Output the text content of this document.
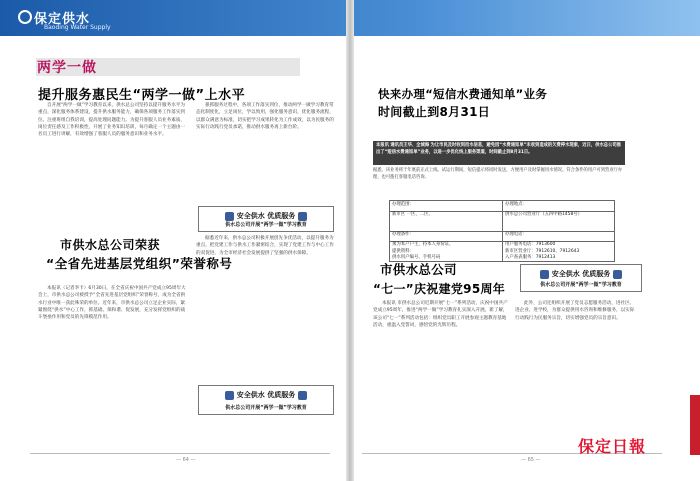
保定供水
Baoding Water Supply
两学一做
提升服务惠民生“两学一做”上水平
自开展“两学一做”学习教育以来，供水总公司坚持以提升服务水平为重点，深化服务体系建设，提升供水服务能力，确保各项服务工作落实到位。注重班组自我培训，提高处理问题能力。为提升客服人员业务素质，岗位责任感及工作积极性，开展了业务知识培训，每月确定一个主题由一名员工进行讲解，有效增强了客服人员的服务意识和业务水平。
狠抓服务过程中，各项工作落实到位，推动两学一做学习教育常态化制度化，立足岗位，学以致用，强化服务意识，优化服务流程，以群众满意为标准，切实把学习成果转化为工作成效，以为民服务的实际行动践行党员承诺，推动供水服务再上新台阶。
安全供水 优质服务
供水总公司开展“两学一做”学习教育
市供水总公司荣获
“全省先进基层党组织”荣誉称号
本报讯（记者李卡）6月30日，在全省庆祝中国共产党成立95周年大会上，市供水总公司被授予“全省先进基层党组织”荣誉称号，成为全省供水行业中唯一获此殊荣的单位。近年来，市供水总公司立足企业实际，紧紧围绕“供水”中心工作，抓基础、保和谐、促发展，充分发挥党组织的战斗堡垒作用和党员的先锋模范作用。
据悉近年来，供水总公司积极开展创先争优活动，以提升服务为重点，把党建工作与供水工作紧密结合，实现了党建工作与中心工作的双促进，为全市经济社会发展提供了坚强的供水保障。
安全供水 优质服务
供水总公司开展“两学一做”学习教育
快来办理“短信水费通知单”业务
时间截止到8月31日
本报讯 通讯员王华、全城海 为让市民及时收到用水信息，避免因“水费通知单”未收到造成的欠费停水现象，近日，供水总公司推出了“短信水费通知单”业务，以进一步优化线上服务渠道，时间截止到8月31日。
据悉，该业务将于年底前正式上线。试运行期间，短信提示将同时发送，方便用户及时掌握用水情况。符合条件的用户可到营业厅办理，也可拨打客服电话咨询。
办理范围：	办理地点：
新市区 一区、二区、	供水总公司营业厅（五四中路1458号）
办理条件：	办理电话：
须为本户户主，持本人身份证，	用户服务电话：7913600
提供资料：	新市区营业厅：7912610、7912643
供水用户编号、手机号码	入户查表服务：7912413
安全供水 优质服务
供水总公司开展“两学一做”学习教育
市供水总公司
“七一”庆祝建党95周年
本报讯 市供水总公司近期开展“七一”系列活动，庆祝中国共产党成立95周年，推进“两学一做”学习教育扎实深入开展。新了解，该公司“七一”系列活动包括：组织党员职工开展参观主题教育基地活动，重温入党誓词，感悟党的光辉历程。
此外，公司还组织开展了党员志愿服务活动，进社区、进企业、进学校，为群众提供用水咨询和维修服务，以实际行动践行为民服务宗旨，切实增强党员的宗旨意识。
— 64 —	— 65 —
保定日報
